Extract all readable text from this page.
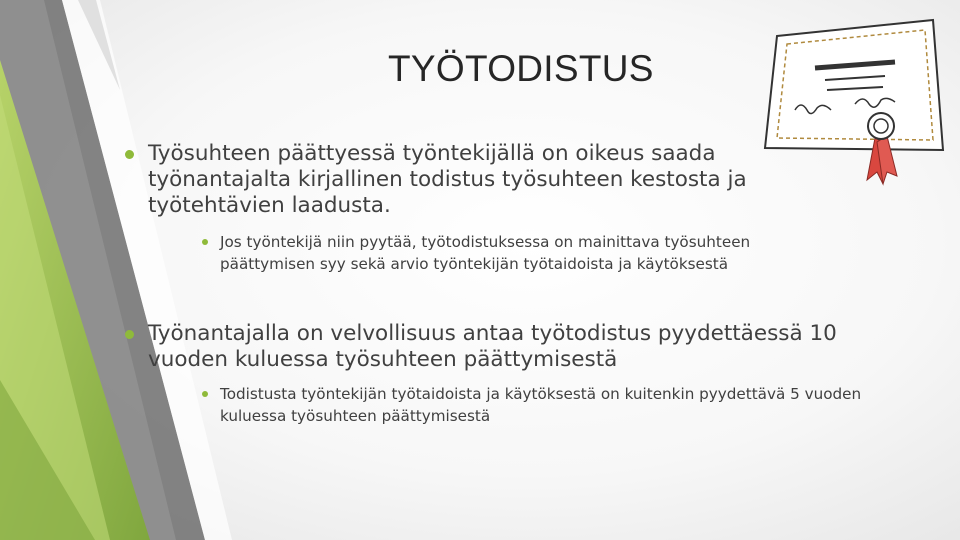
TYÖTODISTUS
Työsuhteen päättyessä työntekijällä on oikeus saada työnantajalta kirjallinen todistus työsuhteen kestosta ja työtehtävien laadusta.
Jos työntekijä niin pyytää, työtodistuksessa on mainittava työsuhteen päättymisen syy sekä arvio työntekijän työtaidoista ja käytöksestä
Työnantajalla on velvollisuus antaa työtodistus pyydettäessä 10 vuoden kuluessa työsuhteen päättymisestä
Todistusta työntekijän työtaidoista ja käytöksestä on kuitenkin pyydettävä 5 vuoden kuluessa työsuhteen päättymisestä
